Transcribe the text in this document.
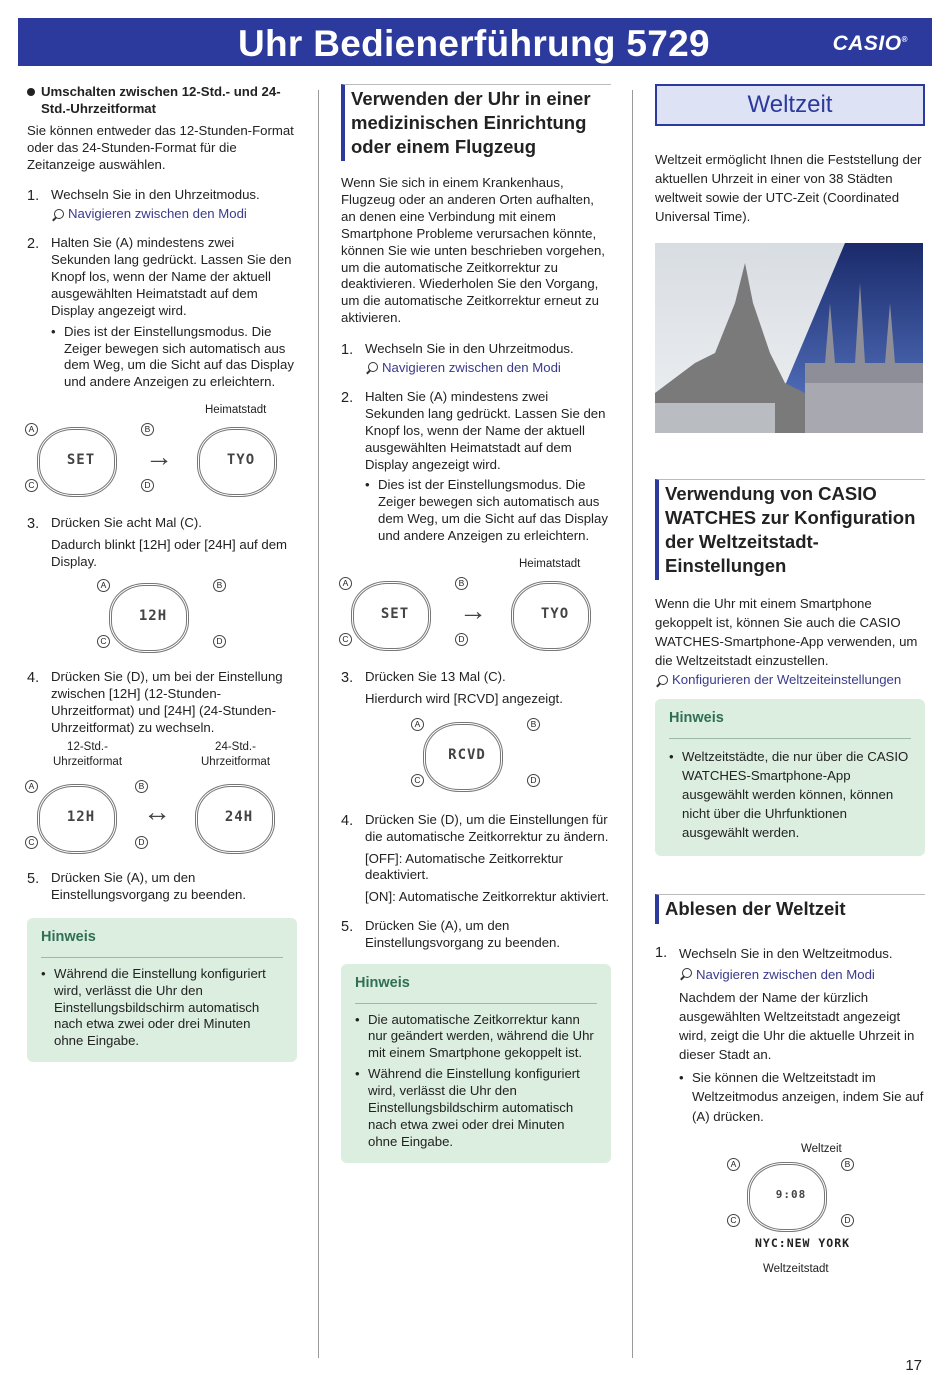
Uhr Bedienerführung 5729	CASIO®
Umschalten zwischen 12-Std.- und 24-Std.-Uhrzeitformat

Sie können entweder das 12-Stunden-Format oder das 24-Stunden-Format für die Zeitanzeige auswählen.

1. Wechseln Sie in den Uhrzeitmodus.

Navigieren zwischen den Modi
2. Halten Sie (A) mindestens zwei Sekunden lang gedrückt. Lassen Sie den Knopf los, wenn der Name der aktuell ausgewählten Heimatstadt auf dem Display angezeigt wird.

• Dies ist der Einstellungsmodus. Die Zeiger bewegen sich automatisch aus dem Weg, um die Sicht auf das Display und andere Anzeigen zu erleichtern.
Heimatstadt
SET
A	B
C	D
→	TYO
3. Drücken Sie acht Mal (C).

Dadurch blinkt [12H] oder [24H] auf dem Display.

12H
A	B
C	D
4. Drücken Sie (D), um bei der Einstellung zwischen [12H] (12-Stunden-Uhrzeitformat) und [24H] (24-Stunden-Uhrzeitformat) zu wechseln.

12-Std.-
Uhrzeitformat
24-Std.-
Uhrzeitformat
12H
A	B
C	D
↔	24H
5. Drücken Sie (A), um den Einstellungsvorgang zu beenden.

Hinweis
• Während die Einstellung konfiguriert wird, verlässt die Uhr den Einstellungsbildschirm automatisch nach etwa zwei oder drei Minuten ohne Eingabe.
Verwenden der Uhr in einer medizinischen Einrichtung oder einem Flugzeug

Wenn Sie sich in einem Krankenhaus, Flugzeug oder an anderen Orten aufhalten, an denen eine Verbindung mit einem Smartphone Probleme verursachen könnte, können Sie wie unten beschrieben vorgehen, um die automatische Zeitkorrektur zu deaktivieren. Wiederholen Sie den Vorgang, um die automatische Zeitkorrektur erneut zu aktivieren.

1. Wechseln Sie in den Uhrzeitmodus.

Navigieren zwischen den Modi
2. Halten Sie (A) mindestens zwei Sekunden lang gedrückt. Lassen Sie den Knopf los, wenn der Name der aktuell ausgewählten Heimatstadt auf dem Display angezeigt wird.

• Dies ist der Einstellungsmodus. Die Zeiger bewegen sich automatisch aus dem Weg, um die Sicht auf das Display und andere Anzeigen zu erleichtern.
Heimatstadt
SET
A	B
C	D
→	TYO
3. Drücken Sie 13 Mal (C).

Hierdurch wird [RCVD] angezeigt.

RCVD
A	B
C	D
4. Drücken Sie (D), um die Einstellungen für die automatische Zeitkorrektur zu ändern.

[OFF]: Automatische Zeitkorrektur deaktiviert.

[ON]: Automatische Zeitkorrektur aktiviert.

5. Drücken Sie (A), um den Einstellungsvorgang zu beenden.

Hinweis
• Die automatische Zeitkorrektur kann nur geändert werden, während die Uhr mit einem Smartphone gekoppelt ist.
• Während die Einstellung konfiguriert wird, verlässt die Uhr den Einstellungsbildschirm automatisch nach etwa zwei oder drei Minuten ohne Eingabe.
Weltzeit

Weltzeit ermöglicht Ihnen die Feststellung der aktuellen Uhrzeit in einer von 38 Städten weltweit sowie der UTC-Zeit (Coordinated Universal Time).

Verwendung von CASIO WATCHES zur Konfiguration der Weltzeitstadt-Einstellungen

Wenn die Uhr mit einem Smartphone gekoppelt ist, können Sie auch die CASIO WATCHES-Smartphone-App verwenden, um die Weltzeitstadt einzustellen.

Konfigurieren der Weltzeiteinstellungen
Hinweis
• Weltzeitstädte, die nur über die CASIO WATCHES-Smartphone-App ausgewählt werden können, können nicht über die Uhrfunktionen ausgewählt werden.
Ablesen der Weltzeit
1. Wechseln Sie in den Weltzeitmodus.

Navigieren zwischen den Modi

Nachdem der Name der kürzlich ausgewählten Weltzeitstadt angezeigt wird, zeigt die Uhr die aktuelle Uhrzeit in dieser Stadt an.

• Sie können die Weltzeitstadt im Weltzeitmodus anzeigen, indem Sie auf (A) drücken.
Weltzeit
9:08
A	B
C	D
NYC:NEW YORK
Weltzeitstadt
17
